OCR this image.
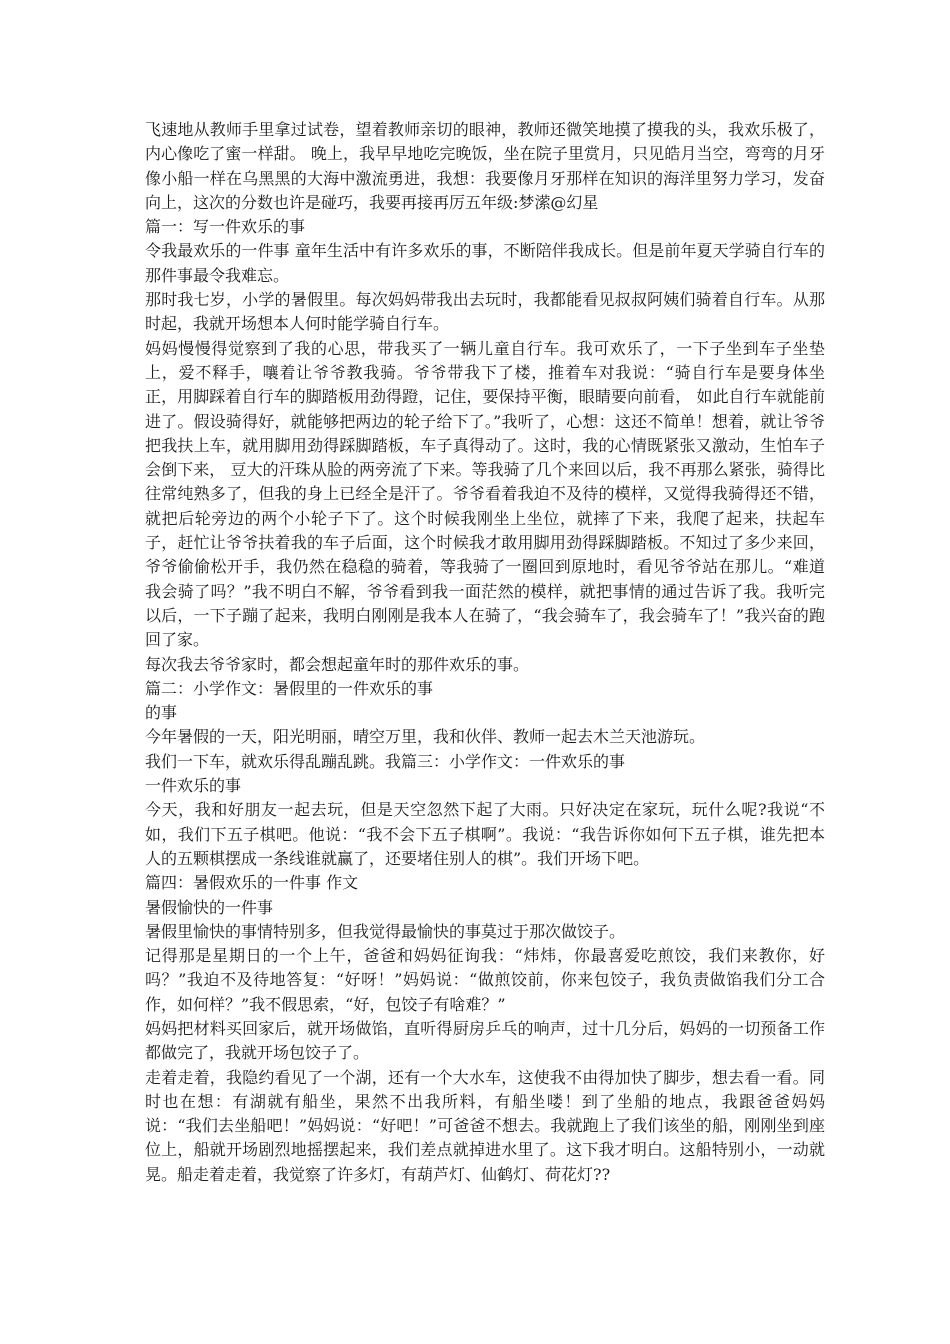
飞速地从教师手里拿过试卷，望着教师亲切的眼神，教师还微笑地摸了摸我的头，我欢乐极了，内心像吃了蜜一样甜。 晚上，我早早地吃完晚饭，坐在院子里赏月，只见皓月当空，弯弯的月牙像小船一样在乌黑黑的大海中激流勇进，我想：我要像月牙那样在知识的海洋里努力学习，发奋向上，这次的分数也许是碰巧，我要再接再厉五年级:梦潆@幻星

篇一：写一件欢乐的事

令我最欢乐的一件事 童年生活中有许多欢乐的事，不断陪伴我成长。但是前年夏天学骑自行车的那件事最令我难忘。

那时我七岁，小学的暑假里。每次妈妈带我出去玩时，我都能看见叔叔阿姨们骑着自行车。从那时起，我就开场想本人何时能学骑自行车。

妈妈慢慢得觉察到了我的心思，带我买了一辆儿童自行车。我可欢乐了，一下子坐到车子坐垫上，爱不释手，嚷着让爷爷教我骑。爷爷带我下了楼，推着车对我说：“骑自行车是要身体坐正，用脚踩着自行车的脚踏板用劲得蹬，记住，要保持平衡，眼睛要向前看， 如此自行车就能前进了。假设骑得好，就能够把两边的轮子给下了。”我听了，心想：这还不简单！想着，就让爷爷把我扶上车，就用脚用劲得踩脚踏板，车子真得动了。这时，我的心情既紧张又激动，生怕车子会倒下来， 豆大的汗珠从脸的两旁流了下来。等我骑了几个来回以后，我不再那么紧张，骑得比往常纯熟多了，但我的身上已经全是汗了。爷爷看着我迫不及待的模样，又觉得我骑得还不错，就把后轮旁边的两个小轮子下了。这个时候我刚坐上坐位，就摔了下来，我爬了起来，扶起车子，赶忙让爷爷扶着我的车子后面，这个时候我才敢用脚用劲得踩脚踏板。不知过了多少来回，爷爷偷偷松开手，我仍然在稳稳的骑着，等我骑了一圈回到原地时，看见爷爷站在那儿。“难道我会骑了吗？”我不明白不解，爷爷看到我一面茫然的模样，就把事情的通过告诉了我。我听完以后，一下子蹦了起来，我明白刚刚是我本人在骑了，“我会骑车了，我会骑车了！”我兴奋的跑回了家。

每次我去爷爷家时，都会想起童年时的那件欢乐的事。

篇二：小学作文：暑假里的一件欢乐的事

的事

今年暑假的一天，阳光明丽，晴空万里，我和伙伴、教师一起去木兰天池游玩。

我们一下车，就欢乐得乱蹦乱跳。我篇三：小学作文：一件欢乐的事

一件欢乐的事

今天，我和好朋友一起去玩，但是天空忽然下起了大雨。只好决定在家玩，玩什么呢?我说“不如，我们下五子棋吧。他说：“我不会下五子棋啊”。我说：“我告诉你如何下五子棋，谁先把本人的五颗棋摆成一条线谁就赢了，还要堵住别人的棋”。我们开场下吧。

篇四：暑假欢乐的一件事 作文

暑假愉快的一件事

暑假里愉快的事情特别多，但我觉得最愉快的事莫过于那次做饺子。

记得那是星期日的一个上午，爸爸和妈妈征询我：“炜炜，你最喜爱吃煎饺，我们来教你，好吗？”我迫不及待地答复：“好呀！”妈妈说：“做煎饺前，你来包饺子，我负责做馅我们分工合作，如何样？”我不假思索，“好，包饺子有啥难？”

妈妈把材料买回家后，就开场做馅，直听得厨房乒乓的响声，过十几分后，妈妈的一切预备工作都做完了，我就开场包饺子了。

走着走着，我隐约看见了一个湖，还有一个大水车，这使我不由得加快了脚步，想去看一看。同时也在想：有湖就有船坐，果然不出我所料，有船坐喽！到了坐船的地点，我跟爸爸妈妈说：“我们去坐船吧！”妈妈说：“好吧！”可爸爸不想去。我就跑上了我们该坐的船，刚刚坐到座位上，船就开场剧烈地摇摆起来，我们差点就掉进水里了。这下我才明白。这船特别小，一动就晃。船走着走着，我觉察了许多灯，有葫芦灯、仙鹤灯、荷花灯??
